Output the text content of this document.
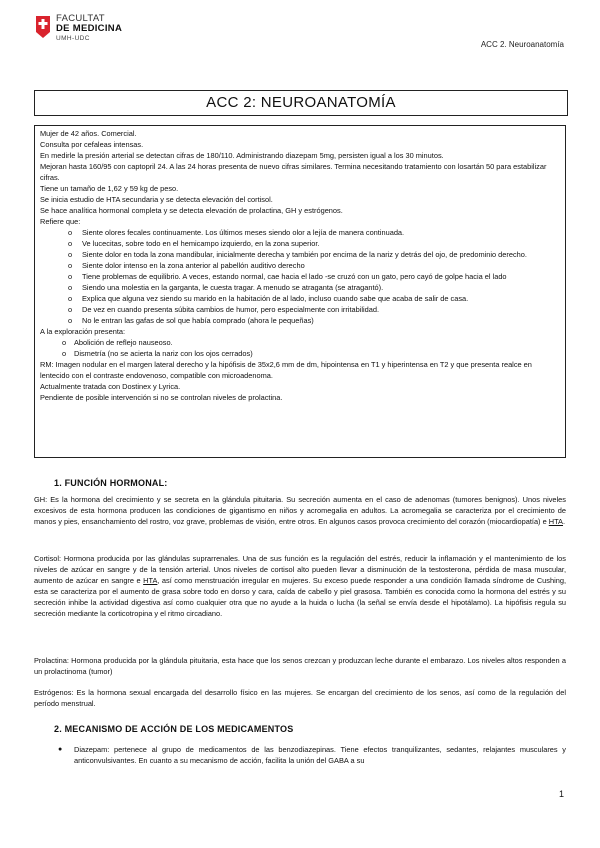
FACULTAT
DE MEDICINA
UMH-UDC
ACC 2. Neuroanatomía
ACC 2: NEUROANATOMÍA

Mujer de 42 años. Comercial.

Consulta por cefaleas intensas.

En medirle la presión arterial se detectan cifras de 180/110. Administrando diazepam 5mg, persisten igual a los 30 minutos.

Mejoran hasta 160/95 con captopril 24. A las 24 horas presenta de nuevo cifras similares. Termina necesitando tratamiento con losartán 50 para estabilizar cifras.

Tiene un tamaño de 1,62 y 59 kg de peso.

Se inicia estudio de HTA secundaria y se detecta elevación del cortisol.

Se hace analítica hormonal completa y se detecta elevación de prolactina, GH y estrógenos.

Refiere que:

o Siente olores fecales continuamente. Los últimos meses siendo olor a lejía de manera continuada.
o Ve lucecitas, sobre todo en el hemicampo izquierdo, en la zona superior.
o Siente dolor en toda la zona mandibular, inicialmente derecha y también por encima de la nariz y detrás del ojo, de predominio derecho.
o Siente dolor intenso en la zona anterior al pabellón auditivo derecho
o Tiene problemas de equilibrio. A veces, estando normal, cae hacia el lado -se cruzó con un gato, pero cayó de golpe hacia el lado
o Siendo una molestia en la garganta, le cuesta tragar. A menudo se atraganta (se atragantó).
o Explica que alguna vez siendo su marido en la habitación de al lado, incluso cuando sabe que acaba de salir de casa.
o De vez en cuando presenta súbita cambios de humor, pero especialmente con irritabilidad.
o No le entran las gafas de sol que había comprado (ahora le pequeñas)

A la exploración presenta:

o Abolición de reflejo nauseoso.
o Dismetría (no se acierta la nariz con los ojos cerrados)

RM: Imagen nodular en el margen lateral derecho y la hipófisis de 35x2,6 mm de dm, hipointensa en T1 y hiperintensa en T2 y que presenta realce en lentecido con el contraste endovenoso, compatible con microadenoma.

Actualmente tratada con Dostinex y Lyrica.

Pendiente de posible intervención si no se controlan niveles de prolactina.

1. FUNCIÓN HORMONAL:

GH: Es la hormona del crecimiento y se secreta en la glándula pituitaria. Su secreción aumenta en el caso de adenomas (tumores benignos). Unos niveles excesivos de esta hormona producen las condiciones de gigantismo en niños y acromegalia en adultos. La acromegalia se caracteriza por el crecimiento de manos y pies, ensanchamiento del rostro, voz grave, problemas de visión, entre otros. En algunos casos provoca crecimiento del corazón (miocardiopatía) e HTA.

Cortisol: Hormona producida por las glándulas suprarrenales. Una de sus función es la regulación del estrés, reducir la inflamación y el mantenimiento de los niveles de azúcar en sangre y de la tensión arterial. Unos niveles de cortisol alto pueden llevar a disminución de la testosterona, pérdida de masa muscular, aumento de azúcar en sangre e HTA, así como menstruación irregular en mujeres. Su exceso puede responder a una condición llamada síndrome de Cushing, esta se caracteriza por el aumento de grasa sobre todo en dorso y cara, caída de cabello y piel grasosa. También es conocida como la hormona del estrés y su secreción inhibe la actividad digestiva así como cualquier otra que no ayude a la huida o lucha (la señal se envía desde el hipotálamo). La hipófisis regula su secreción mediante la corticotropina y el ritmo circadiano.

Prolactina: Hormona producida por la glándula pituitaria, esta hace que los senos crezcan y produzcan leche durante el embarazo. Los niveles altos responden a un prolactinoma (tumor)

Estrógenos: Es la hormona sexual encargada del desarrollo físico en las mujeres. Se encargan del crecimiento de los senos, así como de la regulación del período menstrual.

2. MECANISMO DE ACCIÓN DE LOS MEDICAMENTOS
● Diazepam: pertenece al grupo de medicamentos de las benzodiazepinas. Tiene efectos tranquilizantes, sedantes, relajantes musculares y anticonvulsivantes. En cuanto a su mecanismo de acción, facilita la unión del GABA a su

1
